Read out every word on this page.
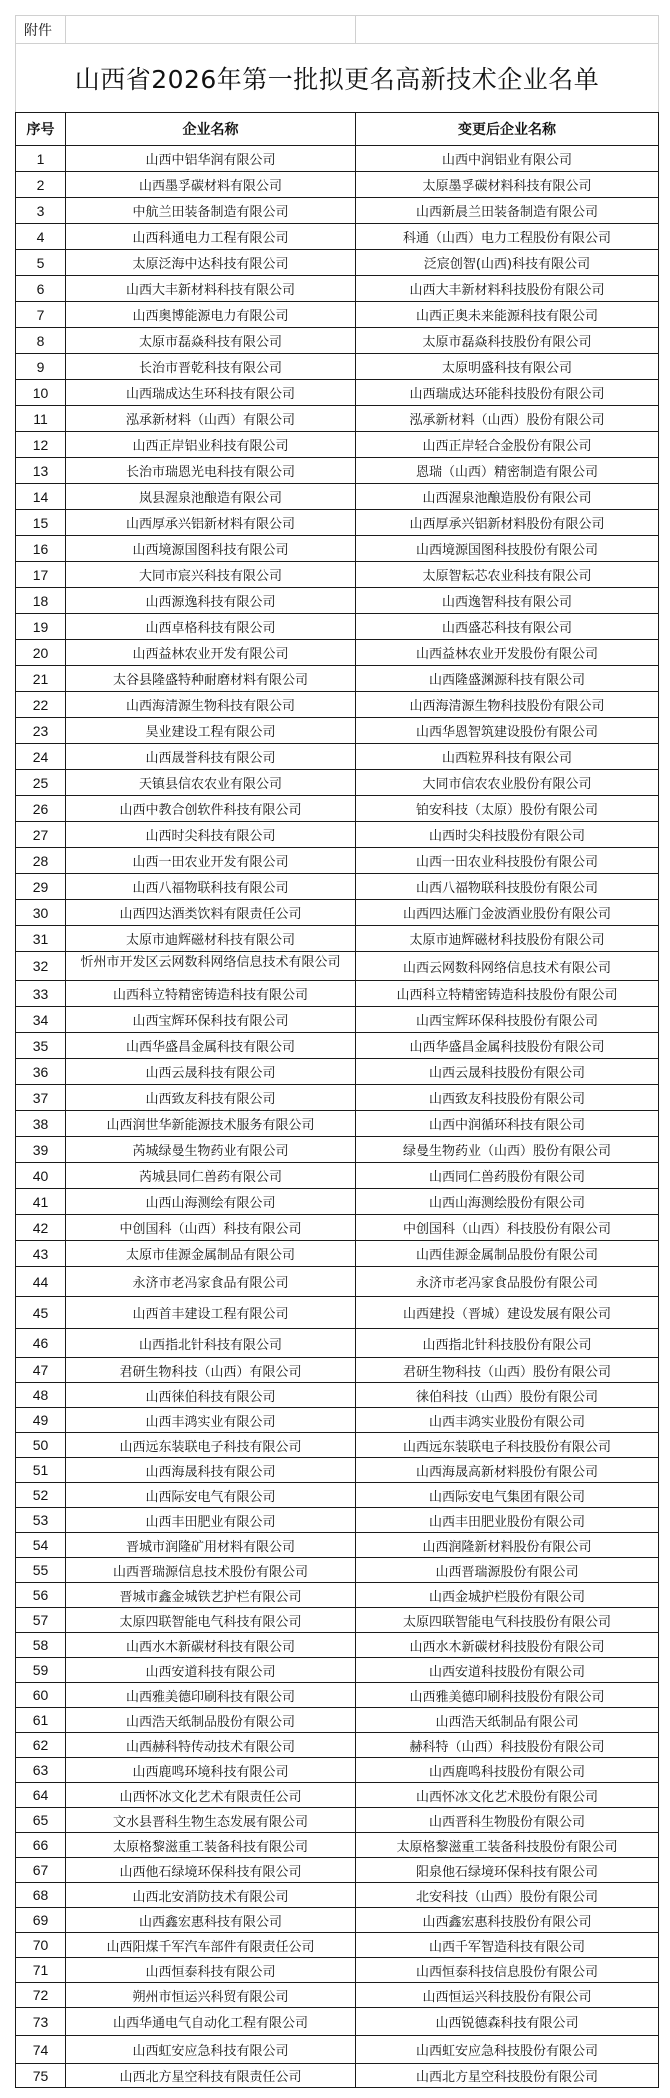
附件		
山西省2026年第一批拟更名高新技术企业名单		
序号	企业名称	变更后企业名称
1	山西中铝华润有限公司	山西中润铝业有限公司
2	山西墨孚碳材料有限公司	太原墨孚碳材料科技有限公司
3	中航兰田装备制造有限公司	山西新晨兰田装备制造有限公司
4	山西科通电力工程有限公司	科通（山西）电力工程股份有限公司
5	太原泛海中达科技有限公司	泛宸创智(山西)科技有限公司
6	山西大丰新材料科技有限公司	山西大丰新材料科技股份有限公司
7	山西奥博能源电力有限公司	山西正奥未来能源科技有限公司
8	太原市磊焱科技有限公司	太原市磊焱科技股份有限公司
9	长治市晋乾科技有限公司	太原明盛科技有限公司
10	山西瑞成达生环科技有限公司	山西瑞成达环能科技股份有限公司
11	泓承新材料（山西）有限公司	泓承新材料（山西）股份有限公司
12	山西正岸铝业科技有限公司	山西正岸轻合金股份有限公司
13	长治市瑞恩光电科技有限公司	恩瑞（山西）精密制造有限公司
14	岚县渥泉池酿造有限公司	山西渥泉池酿造股份有限公司
15	山西厚承兴铝新材料有限公司	山西厚承兴铝新材料股份有限公司
16	山西境源国图科技有限公司	山西境源国图科技股份有限公司
17	大同市宸兴科技有限公司	太原智耘芯农业科技有限公司
18	山西源逸科技有限公司	山西逸智科技有限公司
19	山西卓格科技有限公司	山西盛芯科技有限公司
20	山西益林农业开发有限公司	山西益林农业开发股份有限公司
21	太谷县隆盛特种耐磨材料有限公司	山西隆盛渊源科技有限公司
22	山西海清源生物科技有限公司	山西海清源生物科技股份有限公司
23	昊业建设工程有限公司	山西华恩智筑建设股份有限公司
24	山西晟誉科技有限公司	山西粒界科技有限公司
25	天镇县信农农业有限公司	大同市信农农业股份有限公司
26	山西中教合创软件科技有限公司	铂安科技（太原）股份有限公司
27	山西时尖科技有限公司	山西时尖科技股份有限公司
28	山西一田农业开发有限公司	山西一田农业科技股份有限公司
29	山西八福物联科技有限公司	山西八福物联科技股份有限公司
30	山西四达酒类饮料有限责任公司	山西四达雁门金波酒业股份有限公司
31	太原市迪辉磁材科技有限公司	太原市迪辉磁材科技股份有限公司
32	忻州市开发区云网数科网络信息技术有限公司	山西云网数科网络信息技术有限公司
33	山西科立特精密铸造科技有限公司	山西科立特精密铸造科技股份有限公司
34	山西宝辉环保科技有限公司	山西宝辉环保科技股份有限公司
35	山西华盛昌金属科技有限公司	山西华盛昌金属科技股份有限公司
36	山西云晟科技有限公司	山西云晟科技股份有限公司
37	山西致友科技有限公司	山西致友科技股份有限公司
38	山西润世华新能源技术服务有限公司	山西中润循环科技有限公司
39	芮城绿曼生物药业有限公司	绿曼生物药业（山西）股份有限公司
40	芮城县同仁兽药有限公司	山西同仁兽药股份有限公司
41	山西山海测绘有限公司	山西山海测绘股份有限公司
42	中创国科（山西）科技有限公司	中创国科（山西）科技股份有限公司
43	太原市佳源金属制品有限公司	山西佳源金属制品股份有限公司
44	永济市老冯家食品有限公司	永济市老冯家食品股份有限公司
45	山西首丰建设工程有限公司	山西建投（晋城）建设发展有限公司
46	山西指北针科技有限公司	山西指北针科技股份有限公司
47	君研生物科技（山西）有限公司	君研生物科技（山西）股份有限公司
48	山西徕伯科技有限公司	徕伯科技（山西）股份有限公司
49	山西丰鸿实业有限公司	山西丰鸿实业股份有限公司
50	山西远东装联电子科技有限公司	山西远东装联电子科技股份有限公司
51	山西海晟科技有限公司	山西海晟高新材料股份有限公司
52	山西际安电气有限公司	山西际安电气集团有限公司
53	山西丰田肥业有限公司	山西丰田肥业股份有限公司
54	晋城市润隆矿用材料有限公司	山西润隆新材料股份有限公司
55	山西晋瑞源信息技术股份有限公司	山西晋瑞源股份有限公司
56	晋城市鑫金城铁艺护栏有限公司	山西金城护栏股份有限公司
57	太原四联智能电气科技有限公司	太原四联智能电气科技股份有限公司
58	山西水木新碳材科技有限公司	山西水木新碳材科技股份有限公司
59	山西安道科技有限公司	山西安道科技股份有限公司
60	山西雅美德印刷科技有限公司	山西雅美德印刷科技股份有限公司
61	山西浩天纸制品股份有限公司	山西浩天纸制品有限公司
62	山西赫科特传动技术有限公司	赫科特（山西）科技股份有限公司
63	山西鹿鸣环境科技有限公司	山西鹿鸣科技股份有限公司
64	山西怀冰文化艺术有限责任公司	山西怀冰文化艺术股份有限公司
65	文水县晋科生物生态发展有限公司	山西晋科生物股份有限公司
66	太原格黎滋重工装备科技有限公司	太原格黎滋重工装备科技股份有限公司
67	山西他石绿境环保科技有限公司	阳泉他石绿境环保科技有限公司
68	山西北安消防技术有限公司	北安科技（山西）股份有限公司
69	山西鑫宏惠科技有限公司	山西鑫宏惠科技股份有限公司
70	山西阳煤千军汽车部件有限责任公司	山西千军智造科技有限公司
71	山西恒泰科技有限公司	山西恒泰科技信息股份有限公司
72	朔州市恒运兴科贸有限公司	山西恒运兴科技股份有限公司
73	山西华通电气自动化工程有限公司	山西锐德森科技有限公司
74	山西虹安应急科技有限公司	山西虹安应急科技股份有限公司
75	山西北方星空科技有限责任公司	山西北方星空科技股份有限公司
